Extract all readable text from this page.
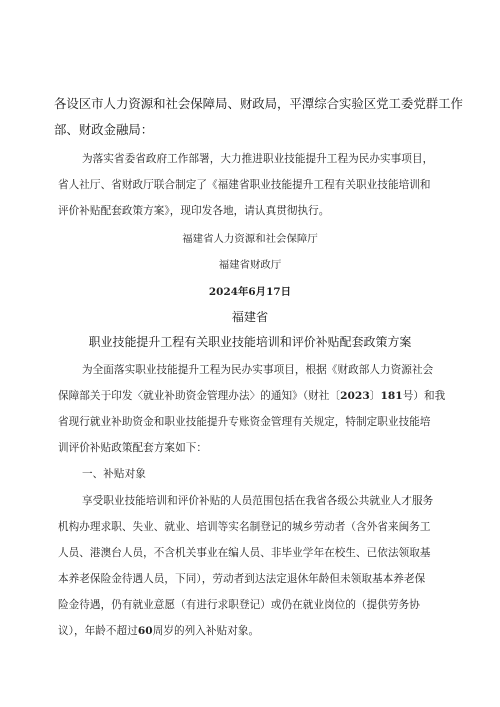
各设区市人力资源和社会保障局、财政局，平潭综合实验区党工委党群工作

部、财政金融局：

为落实省委省政府工作部署，大力推进职业技能提升工程为民办实事项目，

省人社厅、省财政厅联合制定了《福建省职业技能提升工程有关职业技能培训和

评价补贴配套政策方案》，现印发各地，请认真贯彻执行。

福建省人力资源和社会保障厅

福建省财政厅

2024年6月17日

福建省

职业技能提升工程有关职业技能培训和评价补贴配套政策方案

为全面落实职业技能提升工程为民办实事项目，根据《财政部人力资源社会

保障部关于印发〈就业补助资金管理办法〉的通知》（财社〔2023〕181号）和我

省现行就业补助资金和职业技能提升专账资金管理有关规定，特制定职业技能培

训评价补贴政策配套方案如下：

一、补贴对象

享受职业技能培训和评价补贴的人员范围包括在我省各级公共就业人才服务

机构办理求职、失业、就业、培训等实名制登记的城乡劳动者（含外省来闽务工

人员、港澳台人员，不含机关事业在编人员、非毕业学年在校生、已依法领取基

本养老保险金待遇人员，下同），劳动者到达法定退休年龄但未领取基本养老保

险金待遇，仍有就业意愿（有进行求职登记）或仍在就业岗位的（提供劳务协

议），年龄不超过60周岁的列入补贴对象。
